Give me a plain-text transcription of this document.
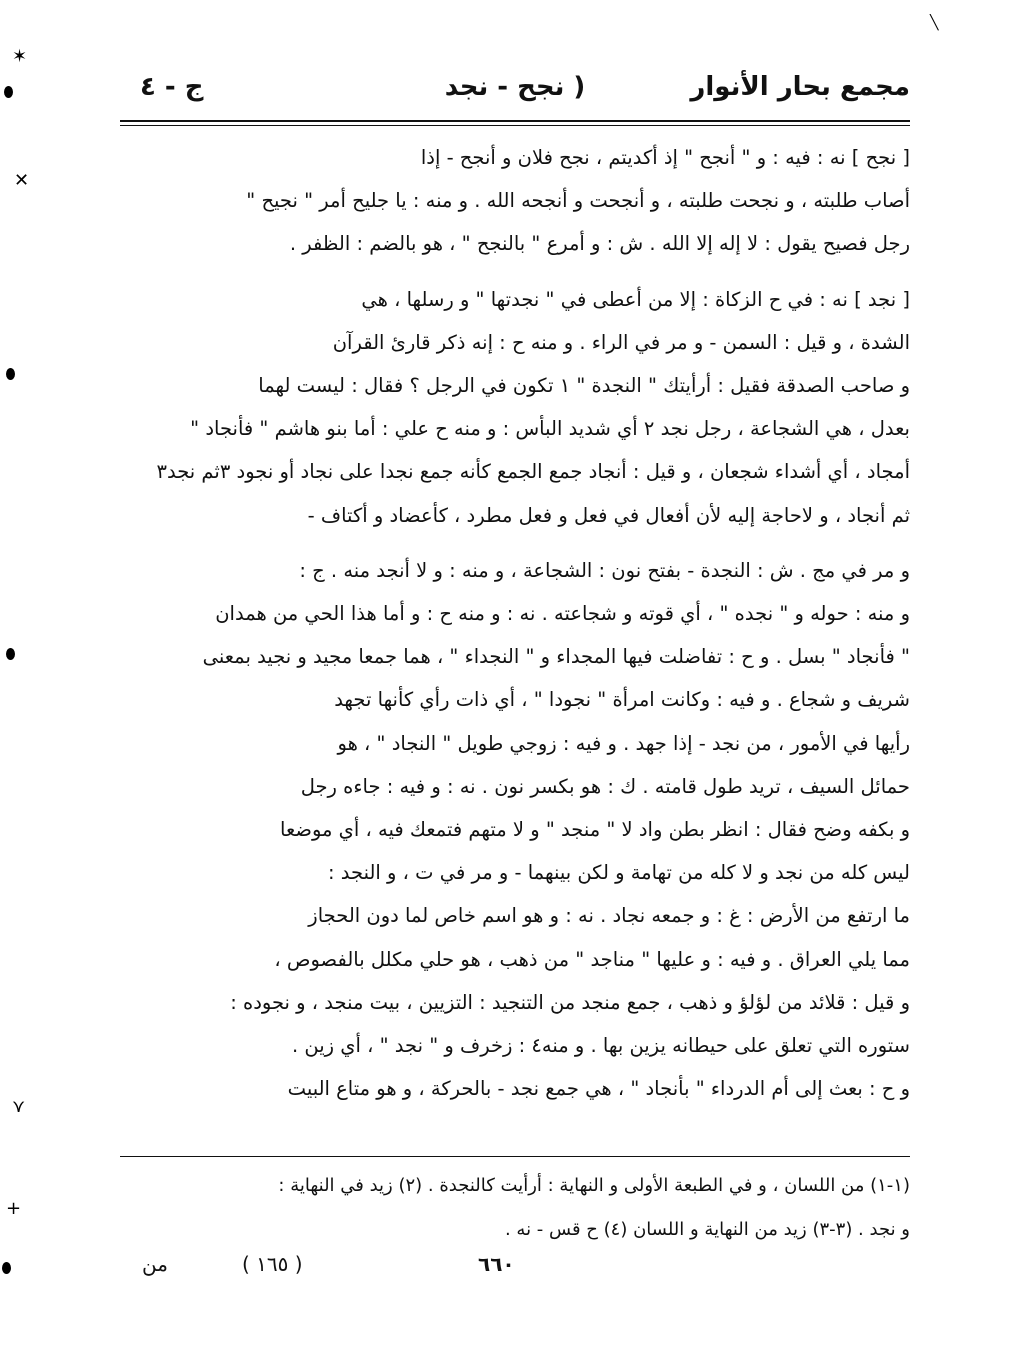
مجمع بحار الأنوار
( نجح - نجد
ج - ٤

[ نجح ] نه : فيه : و " أنجح " إذ أكديتم ، نجح فلان و أنجح - إذا

أصاب طلبته ، و نجحت طلبته ، و أنجحت و أنجحه الله . و منه : يا جليح أمر " نجيح "

رجل فصيح يقول : لا إله إلا الله . ش : و أمرع " بالنجح " ، هو بالضم : الظفر .

[ نجد ] نه : في ح الزكاة : إلا من أعطى في " نجدتها " و رسلها ، هي

الشدة ، و قيل : السمن - و مر في الراء . و منه ح : إنه ذكر قارئ القرآن

و صاحب الصدقة فقيل : أرأيتك " النجدة " ١ تكون في الرجل ؟ فقال : ليست لهما

بعدل ، هي الشجاعة ، رجل نجد ٢ أي شديد البأس : و منه ح علي : أما بنو هاشم " فأنجاد "

أمجاد ، أي أشداء شجعان ، و قيل : أنجاد جمع الجمع كأنه جمع نجدا على نجاد أو نجود ٣ثم نجد٣

ثم أنجاد ، و لاحاجة إليه لأن أفعال في فعل و فعل مطرد ، كأعضاد و أكتاف -

و مر في مج . ش : النجدة - بفتح نون : الشجاعة ، و منه : و لا أنجد منه . ج :

و منه : حوله و " نجده " ، أي قوته و شجاعته . نه : و منه ح : و أما هذا الحي من همدان

" فأنجاد " بسل . و ح : تفاضلت فيها المجداء و " النجداء " ، هما جمعا مجيد و نجيد بمعنى

شريف و شجاع . و فيه : وكانت امرأة " نجودا " ، أي ذات رأي كأنها تجهد

رأيها في الأمور ، من نجد - إذا جهد . و فيه : زوجي طويل " النجاد " ، هو

حمائل السيف ، تريد طول قامته . ك : هو بكسر نون . نه : و فيه : جاءه رجل

و بكفه وضح فقال : انظر بطن واد لا " منجد " و لا متهم فتمعك فيه ، أي موضعا

ليس كله من نجد و لا كله من تهامة و لكن بينهما - و مر في ت ، و النجد :

ما ارتفع من الأرض : غ : و جمعه نجاد . نه : و هو اسم خاص لما دون الحجاز

مما يلي العراق . و فيه : و عليها " مناجد " من ذهب ، هو حلي مكلل بالفصوص ،

و قيل : قلائد من لؤلؤ و ذهب ، جمع منجد من التنجيد : التزيين ، بيت منجد ، و نجوده :

ستوره التي تعلق على حيطانه يزين بها . و منه٤ : زخرف و " نجد " ، أي زين .

و ح : بعث إلى أم الدرداء " بأنجاد " ، هي جمع نجد - بالحركة ، و هو متاع البيت

(١-١) من اللسان ، و في الطبعة الأولى و النهاية : أرأيت كالنجدة . (٢) زيد في النهاية :

و نجد . (٣-٣) زيد من النهاية و اللسان (٤) ح قس - نه .

من	( ١٦٥ )	٦٦٠
✶
✕
⋎
+
╲
